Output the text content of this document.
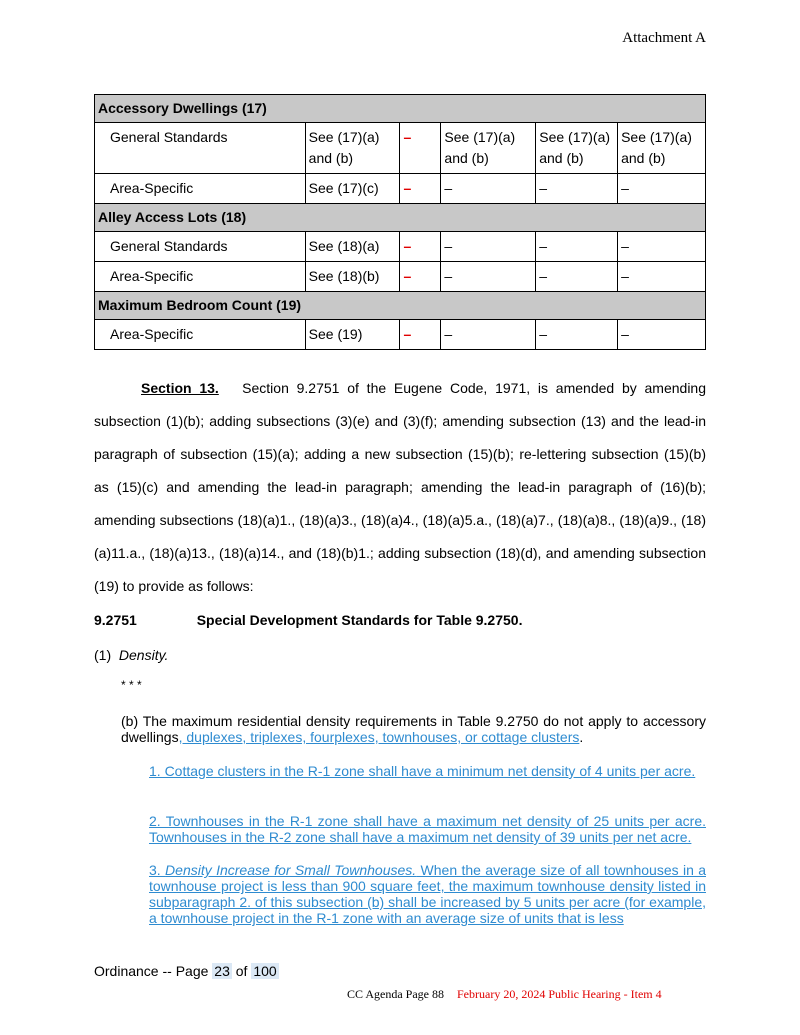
Attachment A
Accessory Dwellings (17)					
General Standards	See (17)(a) and (b)	–	See (17)(a) and (b)	See (17)(a) and (b)	See (17)(a) and (b)
Area-Specific	See (17)(c)	–	–	–	–
Alley Access Lots (18)					
General Standards	See (18)(a)	–	–	–	–
Area-Specific	See (18)(b)	–	–	–	–
Maximum Bedroom Count (19)					
Area-Specific	See (19)	–	–	–	–
Section 13. Section 9.2751 of the Eugene Code, 1971, is amended by amending subsection (1)(b); adding subsections (3)(e) and (3)(f); amending subsection (13) and the lead-in paragraph of subsection (15)(a); adding a new subsection (15)(b); re-lettering subsection (15)(b) as (15)(c) and amending the lead-in paragraph; amending the lead-in paragraph of (16)(b); amending subsections (18)(a)1., (18)(a)3., (18)(a)4., (18)(a)5.a., (18)(a)7., (18)(a)8., (18)(a)9., (18)(a)11.a., (18)(a)13., (18)(a)14., and (18)(b)1.; adding subsection (18)(d), and amending subsection (19) to provide as follows:
9.2751	Special Development Standards for Table 9.2750.
(1) Density.
* * *
(b) The maximum residential density requirements in Table 9.2750 do not apply to accessory dwellings, duplexes, triplexes, fourplexes, townhouses, or cottage clusters.
1. Cottage clusters in the R-1 zone shall have a minimum net density of 4 units per acre.
2. Townhouses in the R-1 zone shall have a maximum net density of 25 units per acre. Townhouses in the R-2 zone shall have a maximum net density of 39 units per net acre.
3. Density Increase for Small Townhouses. When the average size of all townhouses in a townhouse project is less than 900 square feet, the maximum townhouse density listed in subparagraph 2. of this subsection (b) shall be increased by 5 units per acre (for example, a townhouse project in the R-1 zone with an average size of units that is less
Ordinance -- Page 23 of 100
CC Agenda Page 88 February 20, 2024 Public Hearing - Item 4
